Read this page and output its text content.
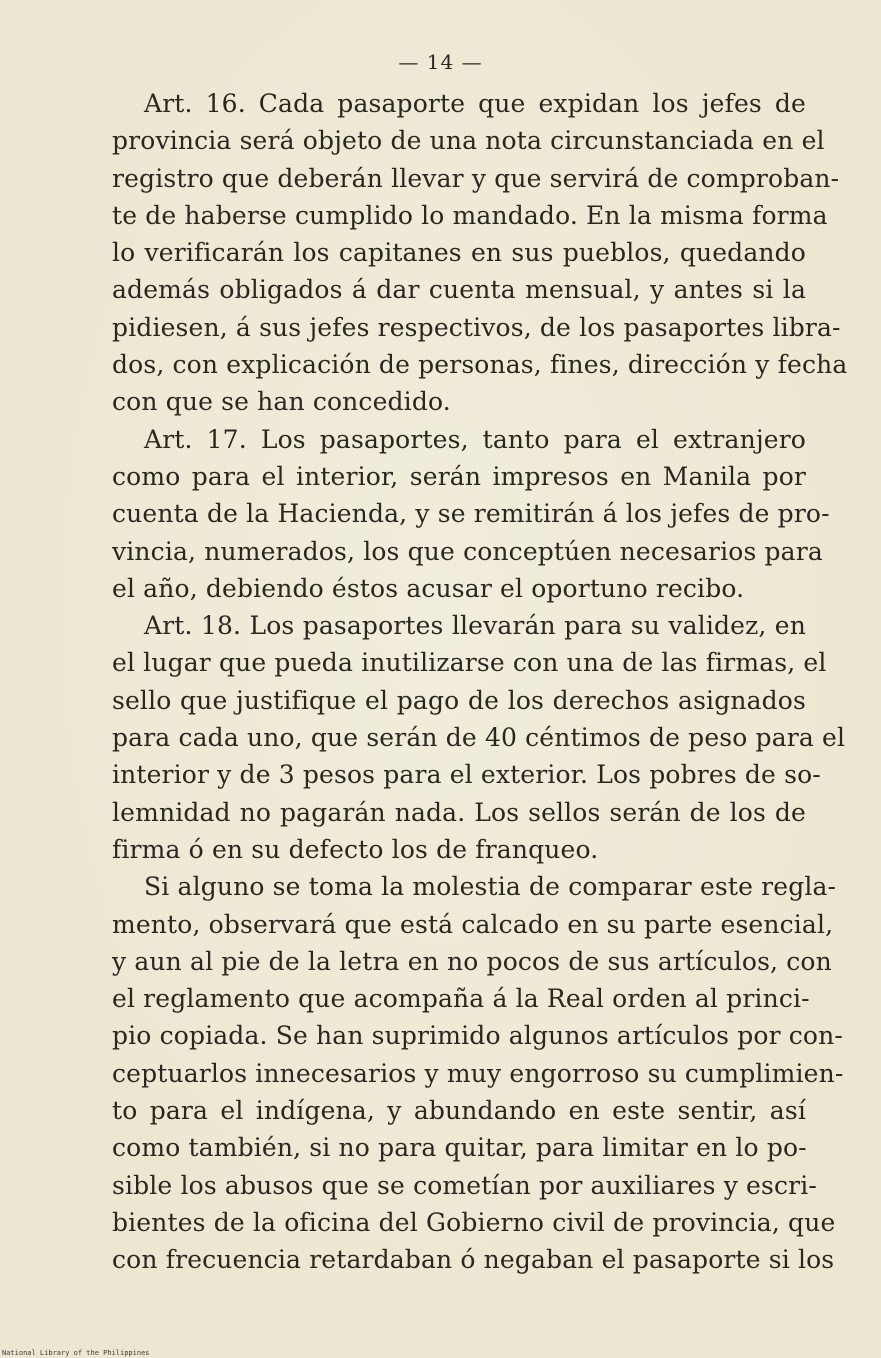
— 14 —
Art. 16. Cada pasaporte que expidan los jefes de
provincia será objeto de una nota circunstanciada en el
registro que deberán llevar y que servirá de comproban-
te de haberse cumplido lo mandado. En la misma forma
lo verificarán los capitanes en sus pueblos, quedando
además obligados á dar cuenta mensual, y antes si la
pidiesen, á sus jefes respectivos, de los pasaportes libra-
dos, con explicación de personas, fines, dirección y fecha
con que se han concedido.
Art. 17. Los pasaportes, tanto para el extranjero
como para el interior, serán impresos en Manila por
cuenta de la Hacienda, y se remitirán á los jefes de pro-
vincia, numerados, los que conceptúen necesarios para
el año, debiendo éstos acusar el oportuno recibo.
Art. 18. Los pasaportes llevarán para su validez, en
el lugar que pueda inutilizarse con una de las firmas, el
sello que justifique el pago de los derechos asignados
para cada uno, que serán de 40 céntimos de peso para el
interior y de 3 pesos para el exterior. Los pobres de so-
lemnidad no pagarán nada. Los sellos serán de los de
firma ó en su defecto los de franqueo.
Si alguno se toma la molestia de comparar este regla-
mento, observará que está calcado en su parte esencial,
y aun al pie de la letra en no pocos de sus artículos, con
el reglamento que acompaña á la Real orden al princi-
pio copiada. Se han suprimido algunos artículos por con-
ceptuarlos innecesarios y muy engorroso su cumplimien-
to para el indígena, y abundando en este sentir, así
como también, si no para quitar, para limitar en lo po-
sible los abusos que se cometían por auxiliares y escri-
bientes de la oficina del Gobierno civil de provincia, que
con frecuencia retardaban ó negaban el pasaporte si los
National Library of the Philippines
